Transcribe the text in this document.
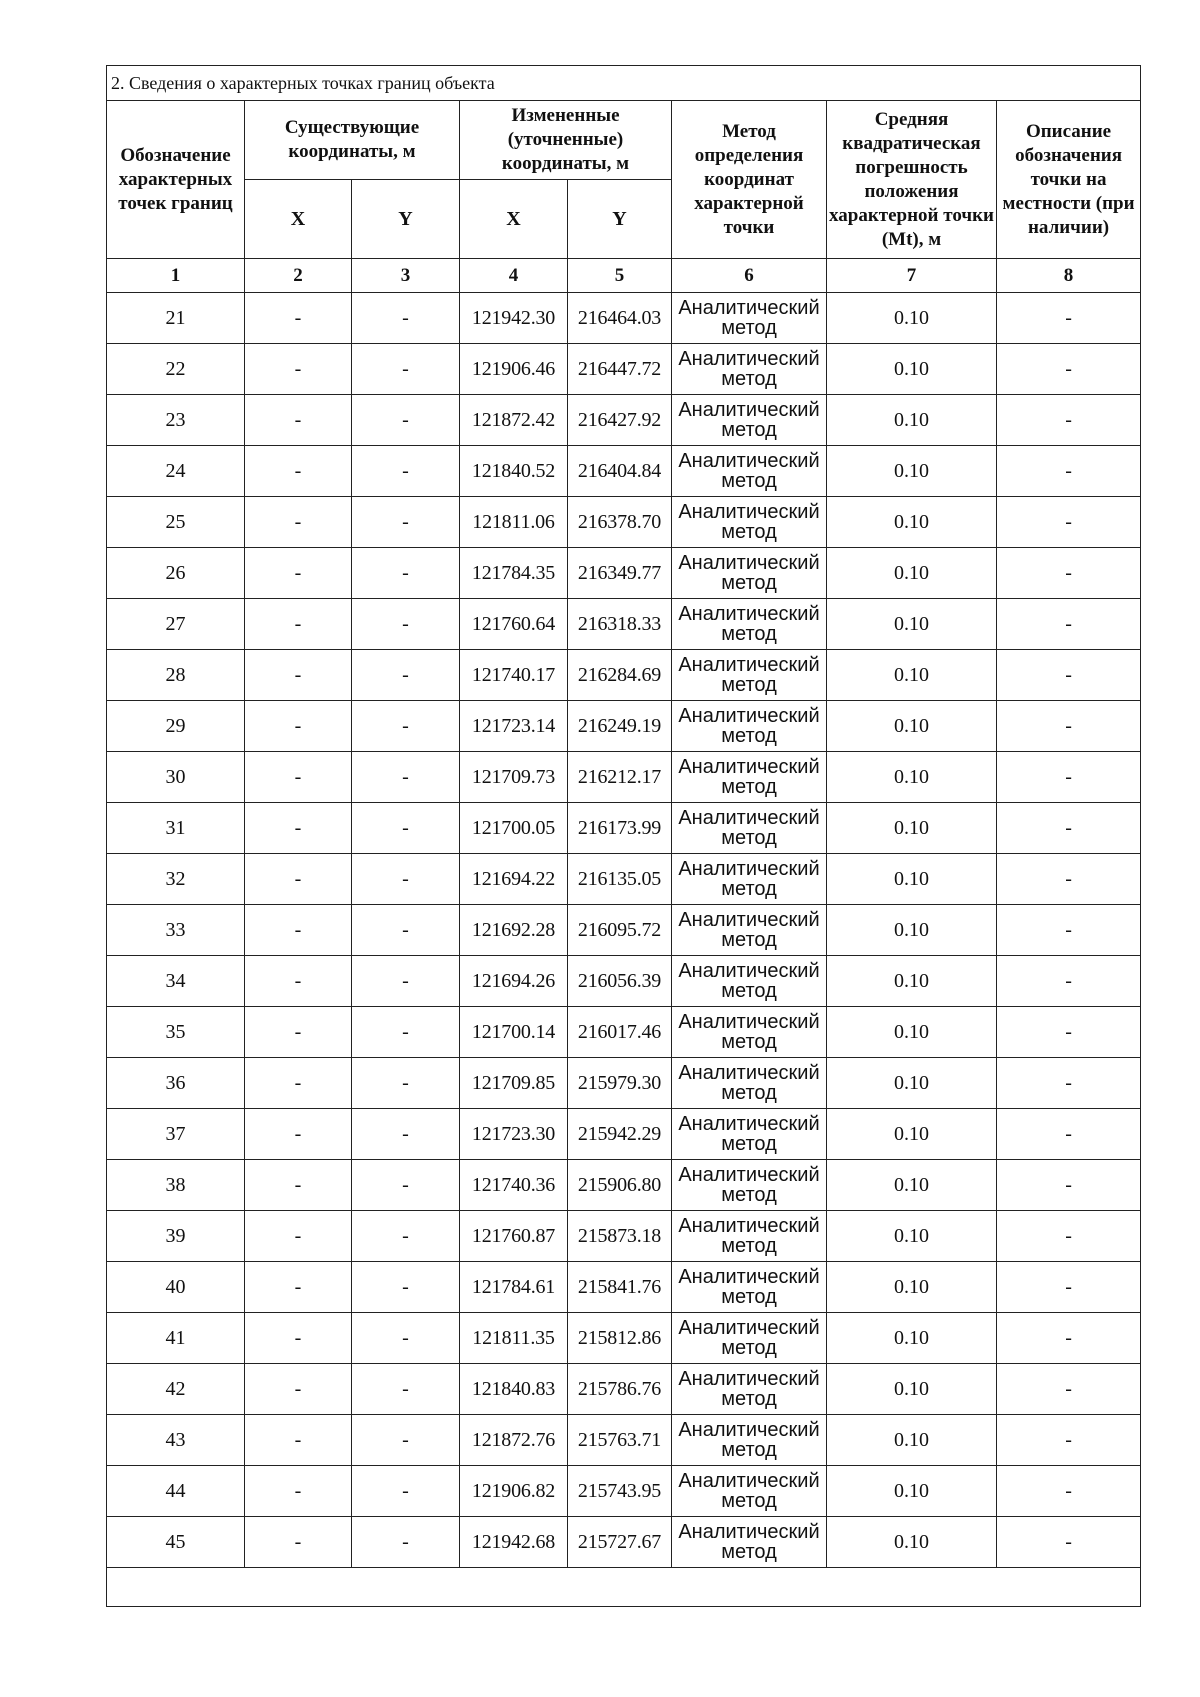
2. Сведения о характерных точках границ объекта							
Обозначение характерных точек границ	Существующие координаты, м		Измененные (уточненные) координаты, м		Метод определения координат характерной точки	Средняя квадратическая погрешность положения характерной точки (Mt), м	Описание обозначения точки на местности (при наличии)
	X	Y	X	Y			
1	2	3	4	5	6	7	8
21	-	-	121942.30	216464.03	Аналитический метод	0.10	-
22	-	-	121906.46	216447.72	Аналитический метод	0.10	-
23	-	-	121872.42	216427.92	Аналитический метод	0.10	-
24	-	-	121840.52	216404.84	Аналитический метод	0.10	-
25	-	-	121811.06	216378.70	Аналитический метод	0.10	-
26	-	-	121784.35	216349.77	Аналитический метод	0.10	-
27	-	-	121760.64	216318.33	Аналитический метод	0.10	-
28	-	-	121740.17	216284.69	Аналитический метод	0.10	-
29	-	-	121723.14	216249.19	Аналитический метод	0.10	-
30	-	-	121709.73	216212.17	Аналитический метод	0.10	-
31	-	-	121700.05	216173.99	Аналитический метод	0.10	-
32	-	-	121694.22	216135.05	Аналитический метод	0.10	-
33	-	-	121692.28	216095.72	Аналитический метод	0.10	-
34	-	-	121694.26	216056.39	Аналитический метод	0.10	-
35	-	-	121700.14	216017.46	Аналитический метод	0.10	-
36	-	-	121709.85	215979.30	Аналитический метод	0.10	-
37	-	-	121723.30	215942.29	Аналитический метод	0.10	-
38	-	-	121740.36	215906.80	Аналитический метод	0.10	-
39	-	-	121760.87	215873.18	Аналитический метод	0.10	-
40	-	-	121784.61	215841.76	Аналитический метод	0.10	-
41	-	-	121811.35	215812.86	Аналитический метод	0.10	-
42	-	-	121840.83	215786.76	Аналитический метод	0.10	-
43	-	-	121872.76	215763.71	Аналитический метод	0.10	-
44	-	-	121906.82	215743.95	Аналитический метод	0.10	-
45	-	-	121942.68	215727.67	Аналитический метод	0.10	-
